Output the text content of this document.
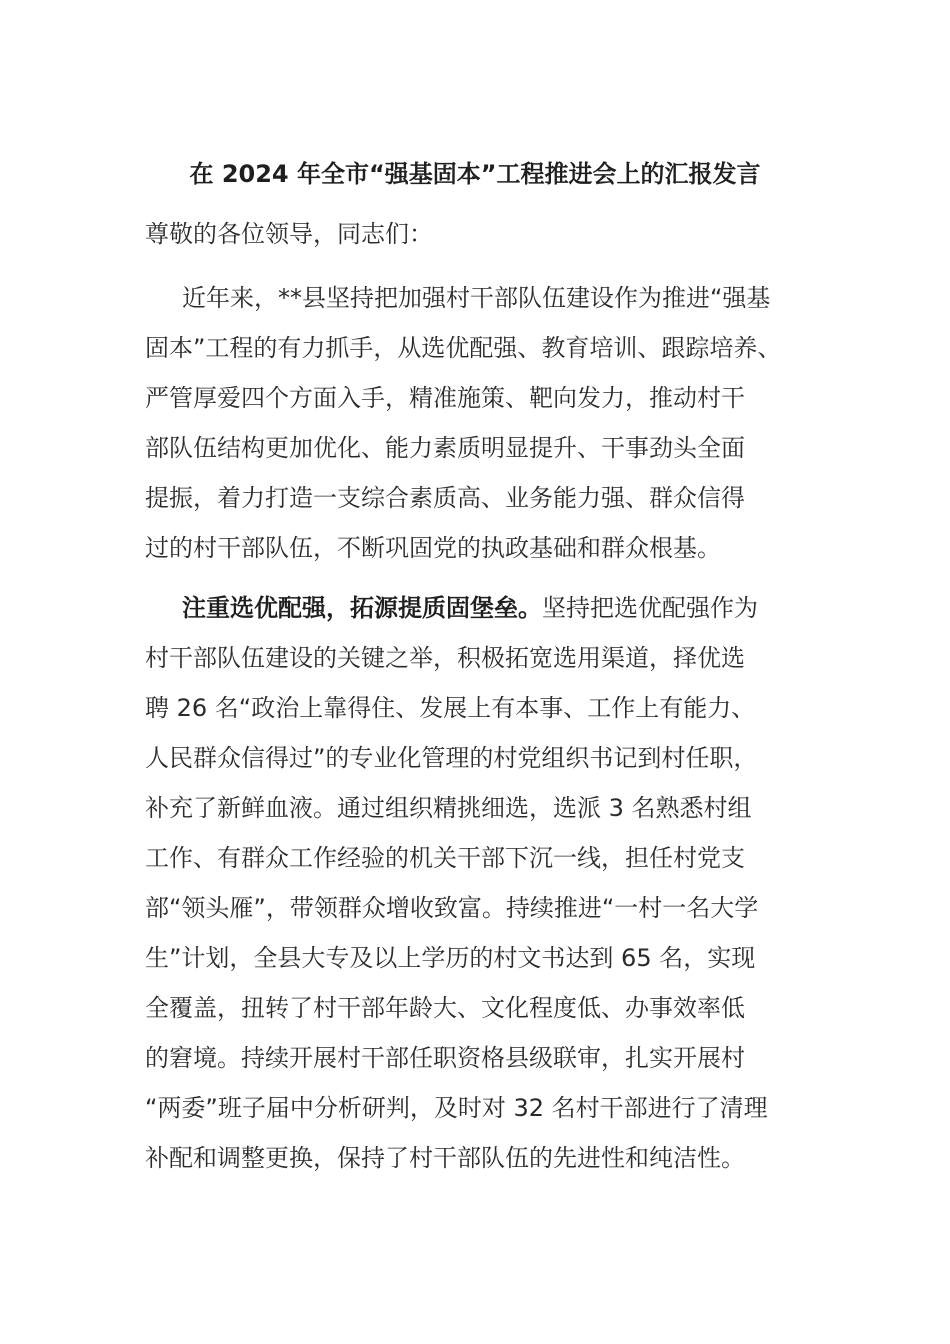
在 2024 年全市“强基固本”工程推进会上的汇报发言
尊敬的各位领导，同志们：
近年来，**县坚持把加强村干部队伍建设作为推进“强基
固本”工程的有力抓手，从选优配强、教育培训、跟踪培养、
严管厚爱四个方面入手，精准施策、靶向发力，推动村干
部队伍结构更加优化、能力素质明显提升、干事劲头全面
提振，着力打造一支综合素质高、业务能力强、群众信得
过的村干部队伍，不断巩固党的执政基础和群众根基。
注重选优配强，拓源提质固堡垒。坚持把选优配强作为
村干部队伍建设的关键之举，积极拓宽选用渠道，择优选
聘 26 名“政治上靠得住、发展上有本事、工作上有能力、
人民群众信得过”的专业化管理的村党组织书记到村任职，
补充了新鲜血液。通过组织精挑细选，选派 3 名熟悉村组
工作、有群众工作经验的机关干部下沉一线，担任村党支
部“领头雁”，带领群众增收致富。持续推进“一村一名大学
生”计划，全县大专及以上学历的村文书达到 65 名，实现
全覆盖，扭转了村干部年龄大、文化程度低、办事效率低
的窘境。持续开展村干部任职资格县级联审，扎实开展村
“两委”班子届中分析研判，及时对 32 名村干部进行了清理
补配和调整更换，保持了村干部队伍的先进性和纯洁性。
